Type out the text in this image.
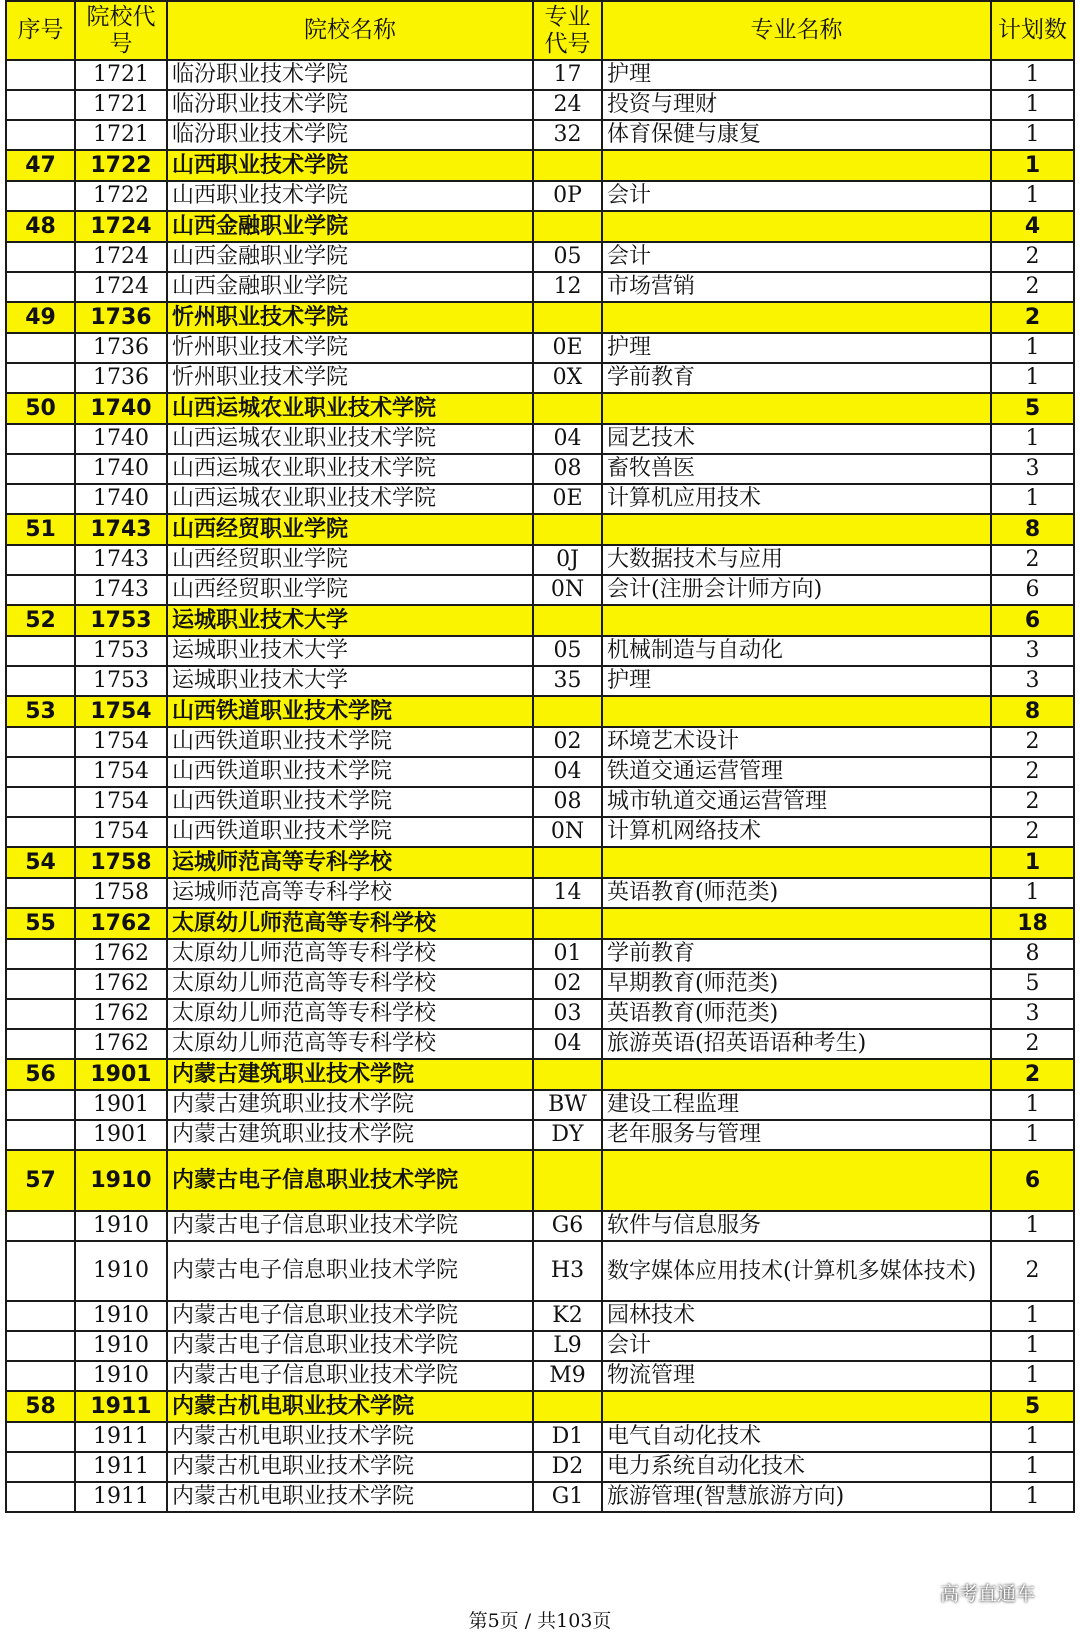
序号	院校代号	院校名称	专业代号	专业名称	计划数
	1721	临汾职业技术学院	17	护理	1
	1721	临汾职业技术学院	24	投资与理财	1
	1721	临汾职业技术学院	32	体育保健与康复	1
47	1722	山西职业技术学院			1
	1722	山西职业技术学院	0P	会计	1
48	1724	山西金融职业学院			4
	1724	山西金融职业学院	05	会计	2
	1724	山西金融职业学院	12	市场营销	2
49	1736	忻州职业技术学院			2
	1736	忻州职业技术学院	0E	护理	1
	1736	忻州职业技术学院	0X	学前教育	1
50	1740	山西运城农业职业技术学院			5
	1740	山西运城农业职业技术学院	04	园艺技术	1
	1740	山西运城农业职业技术学院	08	畜牧兽医	3
	1740	山西运城农业职业技术学院	0E	计算机应用技术	1
51	1743	山西经贸职业学院			8
	1743	山西经贸职业学院	0J	大数据技术与应用	2
	1743	山西经贸职业学院	0N	会计(注册会计师方向)	6
52	1753	运城职业技术大学			6
	1753	运城职业技术大学	05	机械制造与自动化	3
	1753	运城职业技术大学	35	护理	3
53	1754	山西铁道职业技术学院			8
	1754	山西铁道职业技术学院	02	环境艺术设计	2
	1754	山西铁道职业技术学院	04	铁道交通运营管理	2
	1754	山西铁道职业技术学院	08	城市轨道交通运营管理	2
	1754	山西铁道职业技术学院	0N	计算机网络技术	2
54	1758	运城师范高等专科学校			1
	1758	运城师范高等专科学校	14	英语教育(师范类)	1
55	1762	太原幼儿师范高等专科学校			18
	1762	太原幼儿师范高等专科学校	01	学前教育	8
	1762	太原幼儿师范高等专科学校	02	早期教育(师范类)	5
	1762	太原幼儿师范高等专科学校	03	英语教育(师范类)	3
	1762	太原幼儿师范高等专科学校	04	旅游英语(招英语语种考生)	2
56	1901	内蒙古建筑职业技术学院			2
	1901	内蒙古建筑职业技术学院	BW	建设工程监理	1
	1901	内蒙古建筑职业技术学院	DY	老年服务与管理	1
57	1910	内蒙古电子信息职业技术学院			6
	1910	内蒙古电子信息职业技术学院	G6	软件与信息服务	1
	1910	内蒙古电子信息职业技术学院	H3	数字媒体应用技术(计算机多媒体技术)	2
	1910	内蒙古电子信息职业技术学院	K2	园林技术	1
	1910	内蒙古电子信息职业技术学院	L9	会计	1
	1910	内蒙古电子信息职业技术学院	M9	物流管理	1
58	1911	内蒙古机电职业技术学院			5
	1911	内蒙古机电职业技术学院	D1	电气自动化技术	1
	1911	内蒙古机电职业技术学院	D2	电力系统自动化技术	1
	1911	内蒙古机电职业技术学院	G1	旅游管理(智慧旅游方向)	1
高考直通车
第5页 / 共103页
